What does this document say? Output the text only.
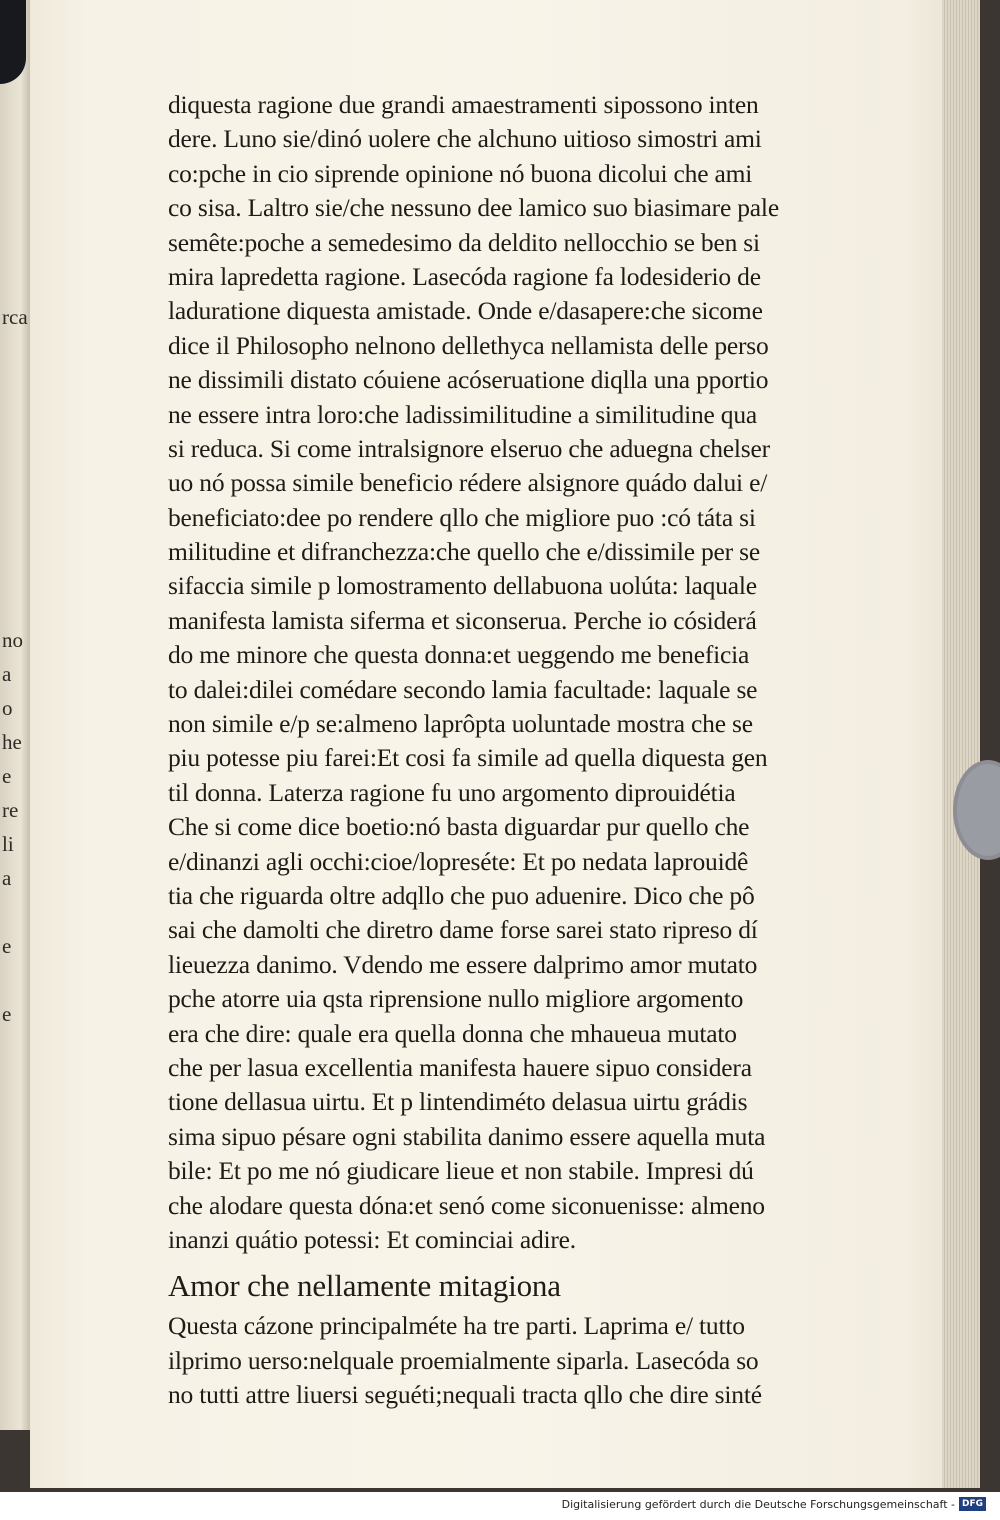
rca
no
a
o
he
e
re
li
a
e
e
diquesta ragione due grandi amaestramenti sipossono inten
dere. Luno sie/dinó uolere che alchuno uitioso simostri ami
co:pche in cio siprende opinione nó buona dicolui che ami
co sisa. Laltro sie/che nessuno dee lamico suo biasimare pale
semête:poche a semedesimo da deldito nellocchio se ben si
mira lapredetta ragione. Lasecóda ragione fa lodesiderio de
laduratione diquesta amistade. Onde e/dasapere:che sicome
dice il Philosopho nelnono dellethyca nellamista delle perso
ne dissimili distato cóuiene acóseruatione diqlla una pportio
ne essere intra loro:che ladissimilitudine a similitudine qua
si reduca. Si come intralsignore elseruo che aduegna chelser
uo nó possa simile beneficio rédere alsignore quádo dalui e/
beneficiato:dee po rendere qllo che migliore puo :có táta si
militudine et difranchezza:che quello che e/dissimile per se
sifaccia simile p lomostramento dellabuona uolúta: laquale
manifesta lamista siferma et siconserua. Perche io cósiderá
do me minore che questa donna:et ueggendo me beneficia
to dalei:dilei comédare secondo lamia facultade: laquale se
non simile e/p se:almeno laprôpta uoluntade mostra che se
piu potesse piu farei:Et cosi fa simile ad quella diquesta gen
til donna. Laterza ragione fu uno argomento diprouidétia
Che si come dice boetio:nó basta diguardar pur quello che
e/dinanzi agli occhi:cioe/lopreséte: Et po nedata laprouidê
tia che riguarda oltre adqllo che puo aduenire. Dico che pô
sai che damolti che diretro dame forse sarei stato ripreso dí
lieuezza danimo. Vdendo me essere dalprimo amor mutato
pche atorre uia qsta riprensione nullo migliore argomento
era che dire: quale era quella donna che mhaueua mutato
che per lasua excellentia manifesta hauere sipuo considera
tione dellasua uirtu. Et p lintendiméto delasua uirtu grádis
sima sipuo pésare ogni stabilita danimo essere aquella muta
bile: Et po me nó giudicare lieue et non stabile. Impresi dú
che alodare questa dóna:et senó come siconuenisse: almeno
inanzi quátio potessi: Et cominciai adire.
Amor che nellamente mitagiona
Questa cázone principalméte ha tre parti. Laprima e/ tutto
ilprimo uerso:nelquale proemialmente siparla. Lasecóda so
no tutti attre liuersi seguéti;nequali tracta qllo che dire sinté
Digitalisierung gefördert durch die Deutsche Forschungsgemeinschaft - DFG
